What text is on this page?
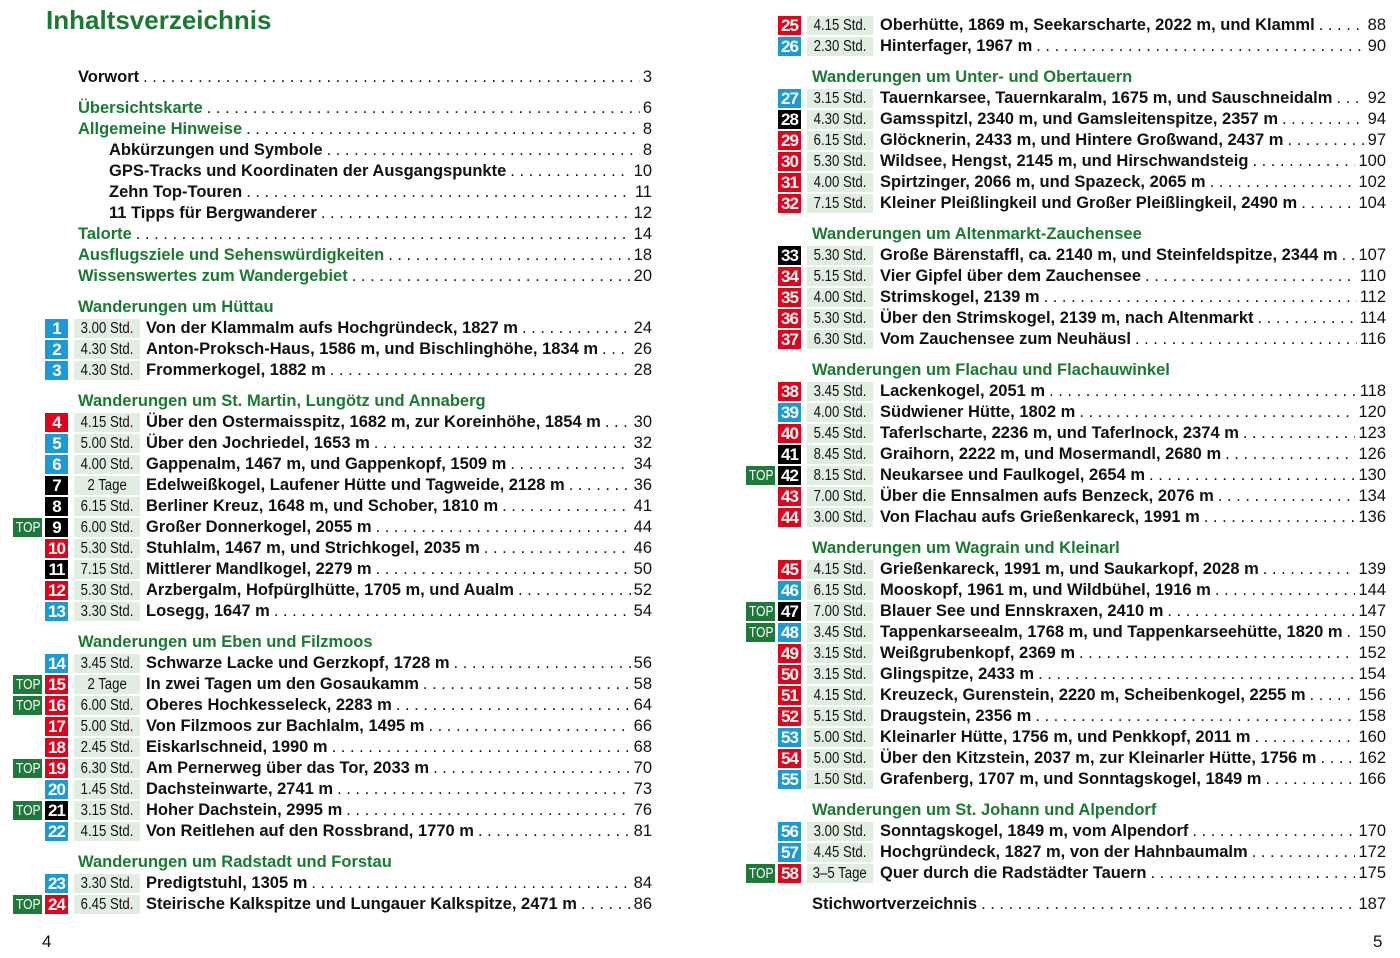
Inhaltsverzeichnis
Vorwort . . .	3
Übersichtskarte . . .	6
Allgemeine Hinweise . . .	8
Abkürzungen und Symbole . . .	8
GPS-Tracks und Koordinaten der Ausgangspunkte . . .	10
Zehn Top-Touren . . .	11
11 Tipps für Bergwanderer . . .	12
Talorte . . .	14
Ausflugsziele und Sehenswürdigkeiten . . .	18
Wissenswertes zum Wandergebiet . . .	20
Wanderungen um Hüttau
1	3.00 Std. Von der Klammalm aufs Hochgründeck, 1827 m . . .	24
2	4.30 Std. Anton-Proksch-Haus, 1586 m, und Bischlinghöhe, 1834 m . . . 26
3	4.30 Std. Frommerkogel, 1882 m . . .	28
Wanderungen um St. Martin, Lungötz und Annaberg
4	4.15 Std. Über den Ostermaisspitz, 1682 m, zur Koreinhöhe, 1854 m . . . 30
5	5.00 Std. Über den Jochriedel, 1653 m . . .	32
6	4.00 Std. Gappenalm, 1467 m, und Gappenkopf, 1509 m . . .	34
7	2 Tage	Edelweißkogel, Laufener Hütte und Tagweide, 2128 m . . .	36
8	6.15 Std. Berliner Kreuz, 1648 m, und Schober, 1810 m . . .	41
TOP 9	6.00 Std. Großer Donnerkogel, 2055 m . . .	44
10	5.30 Std. Stuhlalm, 1467 m, und Strichkogel, 2035 m . . .	46
11	7.15 Std. Mittlerer Mandlkogel, 2279 m . . .	50
12	5.30 Std. Arzbergalm, Hofpürglhütte, 1705 m, und Aualm . . .	52
13	3.30 Std. Losegg, 1647 m . . .	54
Wanderungen um Eben und Filzmoos
14	3.45 Std. Schwarze Lacke und Gerzkopf, 1728 m . . .	56
TOP 15	2 Tage	In zwei Tagen um den Gosaukamm . . .	58
TOP 16	6.00 Std. Oberes Hochkesseleck, 2283 m . . .	64
17	5.00 Std. Von Filzmoos zur Bachlalm, 1495 m . . .	66
18	2.45 Std. Eiskarlschneid, 1990 m . . .	68
TOP 19	6.30 Std. Am Pernerweg über das Tor, 2033 m . . .	70
20	1.45 Std. Dachsteinwarte, 2741 m . . .	73
TOP 21	3.15 Std. Hoher Dachstein, 2995 m . . .	76
22	4.15 Std. Von Reitlehen auf den Rossbrand, 1770 m . . .	81
Wanderungen um Radstadt und Forstau
23	3.30 Std. Predigtstuhl, 1305 m . . .	84
TOP 24	6.45 Std. Steirische Kalkspitze und Lungauer Kalkspitze, 2471 m . . .	86
25	4.15 Std. Oberhütte, 1869 m, Seekarscharte, 2022 m, und Klamml . . .	88
26	2.30 Std. Hinterfager, 1967 m . . .	90
Wanderungen um Unter- und Obertauern
27	3.15 Std. Tauernkarsee, Tauernkaralm, 1675 m, und Sauschneidalm . . . 92
28	4.30 Std. Gamsspitzl, 2340 m, und Gamsleitenspitze, 2357 m . . .	94
29	6.15 Std. Glöcknerin, 2433 m, und Hintere Großwand, 2437 m . . .	97
30	5.30 Std. Wildsee, Hengst, 2145 m, und Hirschwandsteig . . .	100
31	4.00 Std. Spirtzinger, 2066 m, und Spazeck, 2065 m . . .	102
32	7.15 Std. Kleiner Pleißlingkeil und Großer Pleißlingkeil, 2490 m . . .	104
Wanderungen um Altenmarkt-Zauchensee
33	5.30 Std. Große Bärenstaffl, ca. 2140 m, und Steinfeldspitze, 2344 m . . . 107
34	5.15 Std. Vier Gipfel über dem Zauchensee . . .	110
35	4.00 Std. Strimskogel, 2139 m . . .	112
36	5.30 Std. Über den Strimskogel, 2139 m, nach Altenmarkt . . .	114
37	6.30 Std. Vom Zauchensee zum Neuhäusl . . .	116
Wanderungen um Flachau und Flachauwinkel
38	3.45 Std. Lackenkogel, 2051 m . . .	118
39	4.00 Std. Südwiener Hütte, 1802 m . . .	120
40	5.45 Std. Taferlscharte, 2236 m, und Taferlnock, 2374 m . . .	123
41	8.45 Std. Graihorn, 2222 m, und Mosermandl, 2680 m . . .	126
TOP 42	8.15 Std. Neukarsee und Faulkogel, 2654 m . . .	130
43	7.00 Std. Über die Ennsalmen aufs Benzeck, 2076 m . . .	134
44	3.00 Std. Von Flachau aufs Grießenkareck, 1991 m . . .	136
Wanderungen um Wagrain und Kleinarl
45	4.15 Std. Grießenkareck, 1991 m, und Saukarkopf, 2028 m . . .	139
46	6.15 Std. Mooskopf, 1961 m, und Wildbühel, 1916 m . . .	144
TOP 47	7.00 Std. Blauer See und Ennskraxen, 2410 m . . .	147
TOP 48	3.45 Std. Tappenkarseealm, 1768 m, und Tappenkarseehütte, 1820 m . . . 150
49	3.15 Std. Weißgrubenkopf, 2369 m . . .	152
50	3.15 Std. Glingspitze, 2433 m . . .	154
51	4.15 Std. Kreuzeck, Gurenstein, 2220 m, Scheibenkogel, 2255 m . . .	156
52	5.15 Std. Draugstein, 2356 m . . .	158
53	5.00 Std. Kleinarler Hütte, 1756 m, und Penkkopf, 2011 m . . .	160
54	5.00 Std. Über den Kitzstein, 2037 m, zur Kleinarler Hütte, 1756 m . . .	162
55	1.50 Std. Grafenberg, 1707 m, und Sonntagskogel, 1849 m . . .	166
Wanderungen um St. Johann und Alpendorf
56	3.00 Std. Sonntagskogel, 1849 m, vom Alpendorf . . .	170
57	4.45 Std. Hochgründeck, 1827 m, von der Hahnbaumalm . . .	172
TOP 58 3–5 Tage Quer durch die Radstädter Tauern . . .	175
Stichwortverzeichnis . . .	187
4	5
